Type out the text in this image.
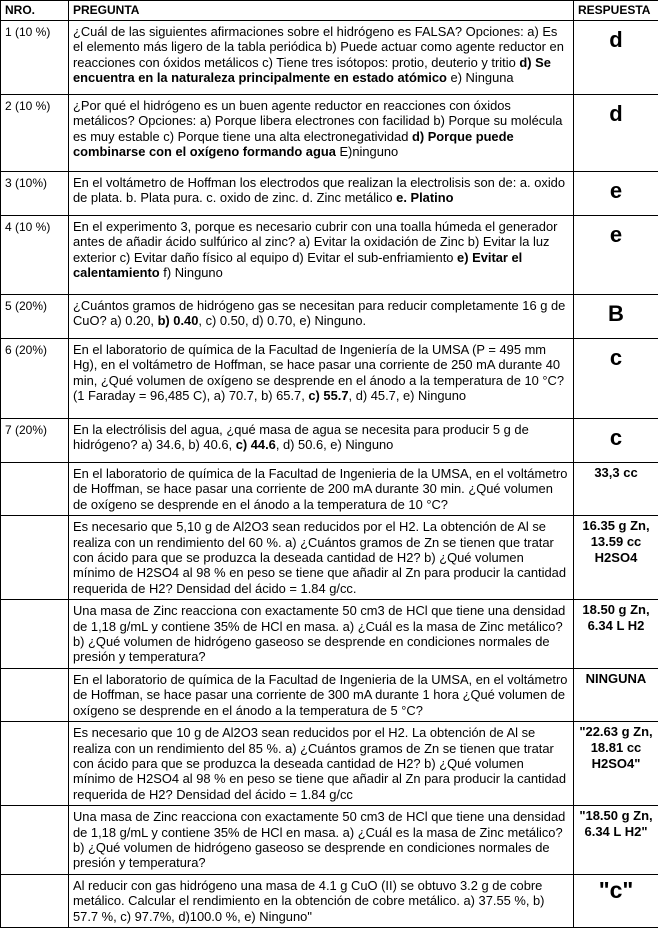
NRO.	PREGUNTA	RESPUESTA
1 (10 %)	¿Cuál de las siguientes afirmaciones sobre el hidrógeno es FALSA? Opciones: a) Es el elemento más ligero de la tabla periódica b) Puede actuar como agente reductor en reacciones con óxidos metálicos c) Tiene tres isótopos: protio, deuterio y tritio d) Se encuentra en la naturaleza principalmente en estado atómico e) Ninguna	d

2 (10 %)	¿Por qué el hidrógeno es un buen agente reductor en reacciones con óxidos metálicos? Opciones: a) Porque libera electrones con facilidad b) Porque su molécula es muy estable c) Porque tiene una alta electronegatividad d) Porque puede combinarse con el oxígeno formando agua E)ninguno	d

3 (10%)	En el voltámetro de Hoffman los electrodos que realizan la electrolisis son de: a. oxido de plata. b. Plata pura. c. oxido de zinc. d. Zinc metálico e. Platino	e

4 (10 %)	En el experimento 3, porque es necesario cubrir con una toalla húmeda el generador antes de añadir ácido sulfúrico al zinc? a) Evitar la oxidación de Zinc b) Evitar la luz exterior c) Evitar daño físico al equipo d) Evitar el sub-enfriamiento e) Evitar el calentamiento f) Ninguno	e

5 (20%)	¿Cuántos gramos de hidrógeno gas se necesitan para reducir completamente 16 g de CuO? a) 0.20, b) 0.40, c) 0.50, d) 0.70, e) Ninguno.	B

6 (20%)	En el laboratorio de química de la Facultad de Ingeniería de la UMSA (P = 495 mm Hg), en el voltámetro de Hoffman, se hace pasar una corriente de 250 mA durante 40 min, ¿Qué volumen de oxígeno se desprende en el ánodo a la temperatura de 10 °C? (1 Faraday = 96,485 C), a) 70.7, b) 65.7, c) 55.7, d) 45.7, e) Ninguno	c

7 (20%)	En la electrólisis del agua, ¿qué masa de agua se necesita para producir 5 g de hidrógeno? a) 34.6, b) 40.6, c) 44.6, d) 50.6, e) Ninguno	c

	En el laboratorio de química de la Facultad de Ingenieria de la UMSA, en el voltámetro de Hoffman, se hace pasar una corriente de 200 mA durante 30 min. ¿Qué volumen de oxígeno se desprende en el ánodo a la temperatura de 10 °C?	33,3 cc

	Es necesario que 5,10 g de Al2O3 sean reducidos por el H2. La obtención de Al se realiza con un rendimiento del 60 %. a) ¿Cuántos gramos de Zn se tienen que tratar con ácido para que se produzca la deseada cantidad de H2? b) ¿Qué volumen mínimo de H2SO4 al 98 % en peso se tiene que añadir al Zn para producir la cantidad requerida de H2? Densidad del ácido = 1.84 g/cc.	16.35 g Zn, 13.59 cc H2SO4

	Una masa de Zinc reacciona con exactamente 50 cm3 de HCl que tiene una densidad de 1,18 g/mL y contiene 35% de HCl en masa. a) ¿Cuál es la masa de Zinc metálico? b) ¿Qué volumen de hidrógeno gaseoso se desprende en condiciones normales de presión y temperatura?	18.50 g Zn, 6.34 L H2

	En el laboratorio de química de la Facultad de Ingenieria de la UMSA, en el voltámetro de Hoffman, se hace pasar una corriente de 300 mA durante 1 hora ¿Qué volumen de oxígeno se desprende en el ánodo a la temperatura de 5 °C?	NINGUNA

	Es necesario que 10 g de Al2O3 sean reducidos por el H2. La obtención de Al se realiza con un rendimiento del 85 %. a) ¿Cuántos gramos de Zn se tienen que tratar con ácido para que se produzca la deseada cantidad de H2? b) ¿Qué volumen mínimo de H2SO4 al 98 % en peso se tiene que añadir al Zn para producir la cantidad requerida de H2? Densidad del ácido = 1.84 g/cc	"22.63 g Zn, 18.81 cc H2SO4"

	Una masa de Zinc reacciona con exactamente 50 cm3 de HCl que tiene una densidad de 1,18 g/mL y contiene 35% de HCl en masa. a) ¿Cuál es la masa de Zinc metálico? b) ¿Qué volumen de hidrógeno gaseoso se desprende en condiciones normales de presión y temperatura?	"18.50 g Zn, 6.34 L H2"

	Al reducir con gas hidrógeno una masa de 4.1 g CuO (II) se obtuvo 3.2 g de cobre metálico. Calcular el rendimiento en la obtención de cobre metálico. a) 37.55 %, b) 57.7 %, c) 97.7%, d)100.0 %, e) Ninguno"	"c"
